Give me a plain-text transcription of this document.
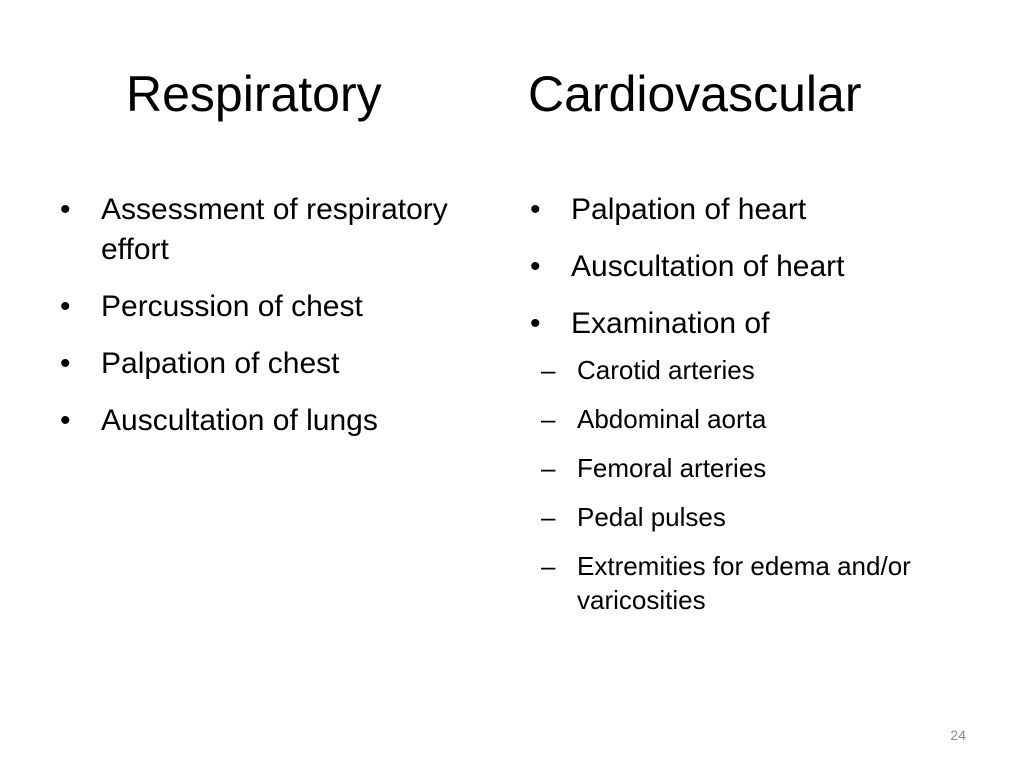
Respiratory	Cardiovascular
• Assessment of respiratory effort
• Percussion of chest
• Palpation of chest
• Auscultation of lungs
• Palpation of heart
• Auscultation of heart
• Examination of
– Carotid arteries
– Abdominal aorta
– Femoral arteries
– Pedal pulses
– Extremities for edema and/or varicosities
24
